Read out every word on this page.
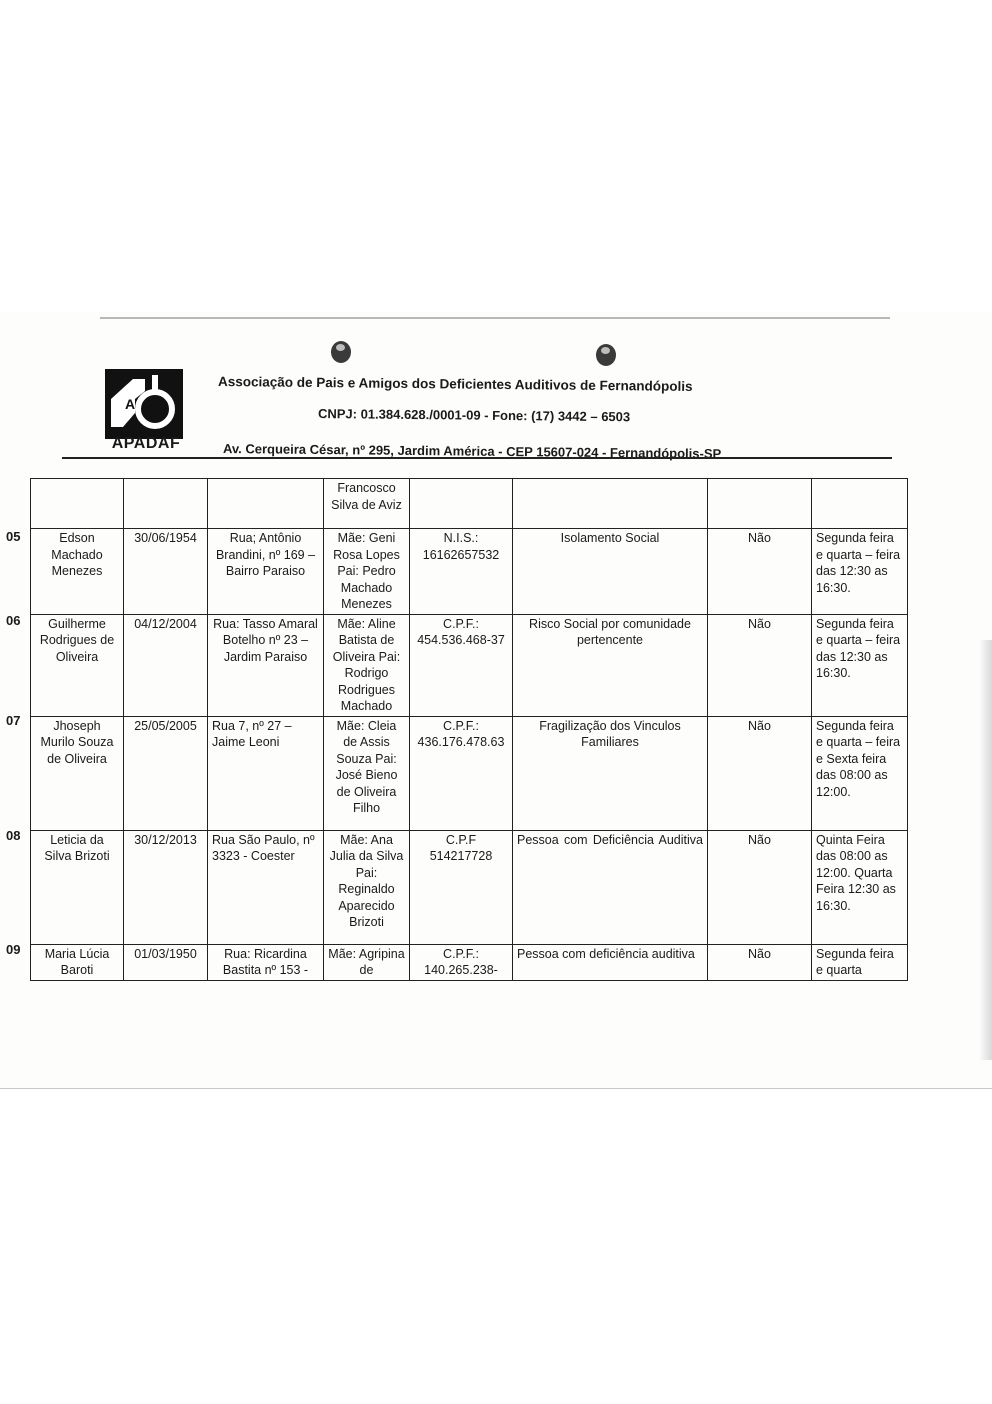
A
APADAF
Associação de Pais e Amigos dos Deficientes Auditivos de Fernandópolis
CNPJ: 01.384.628./0001-09 - Fone: (17) 3442 – 6503
Av. Cerqueira César, nº 295, Jardim América - CEP 15607-024 - Fernandópolis-SP
			Francosco Silva de Aviz				
Edson Machado Menezes	30/06/1954	Rua; Antônio Brandini, nº 169 – Bairro Paraiso	Mãe: Geni Rosa Lopes Pai: Pedro Machado Menezes	N.I.S.: 16162657532	Isolamento Social	Não	Segunda feira e quarta – feira das 12:30 as 16:30.
Guilherme Rodrigues de Oliveira	04/12/2004	Rua: Tasso Amaral Botelho nº 23 – Jardim Paraiso	Mãe: Aline Batista de Oliveira Pai: Rodrigo Rodrigues Machado	C.P.F.: 454.536.468-37	Risco Social por comunidade pertencente	Não	Segunda feira e quarta – feira das 12:30 as 16:30.
Jhoseph Murilo Souza de Oliveira	25/05/2005	Rua 7, nº 27 – Jaime Leoni	Mãe: Cleia de Assis Souza Pai: José Bieno de Oliveira Filho	C.P.F.: 436.176.478.63	Fragilização dos Vinculos Familiares	Não	Segunda feira e quarta – feira e Sexta feira das 08:00 as 12:00.
Leticia da Silva Brizoti	30/12/2013	Rua São Paulo, nº 3323 - Coester	Mãe: Ana Julia da Silva Pai: Reginaldo Aparecido Brizoti	C.P.F 514217728	Pessoa com Deficiência Auditiva	Não	Quinta Feira das 08:00 as 12:00. Quarta Feira 12:30 as 16:30.
Maria Lúcia Baroti	01/03/1950	Rua: Ricardina Bastita nº 153 -	Mãe: Agripina de	C.P.F.: 140.265.238-	Pessoa com deficiência auditiva	Não	Segunda feira e quarta
05
06
07
08
09
